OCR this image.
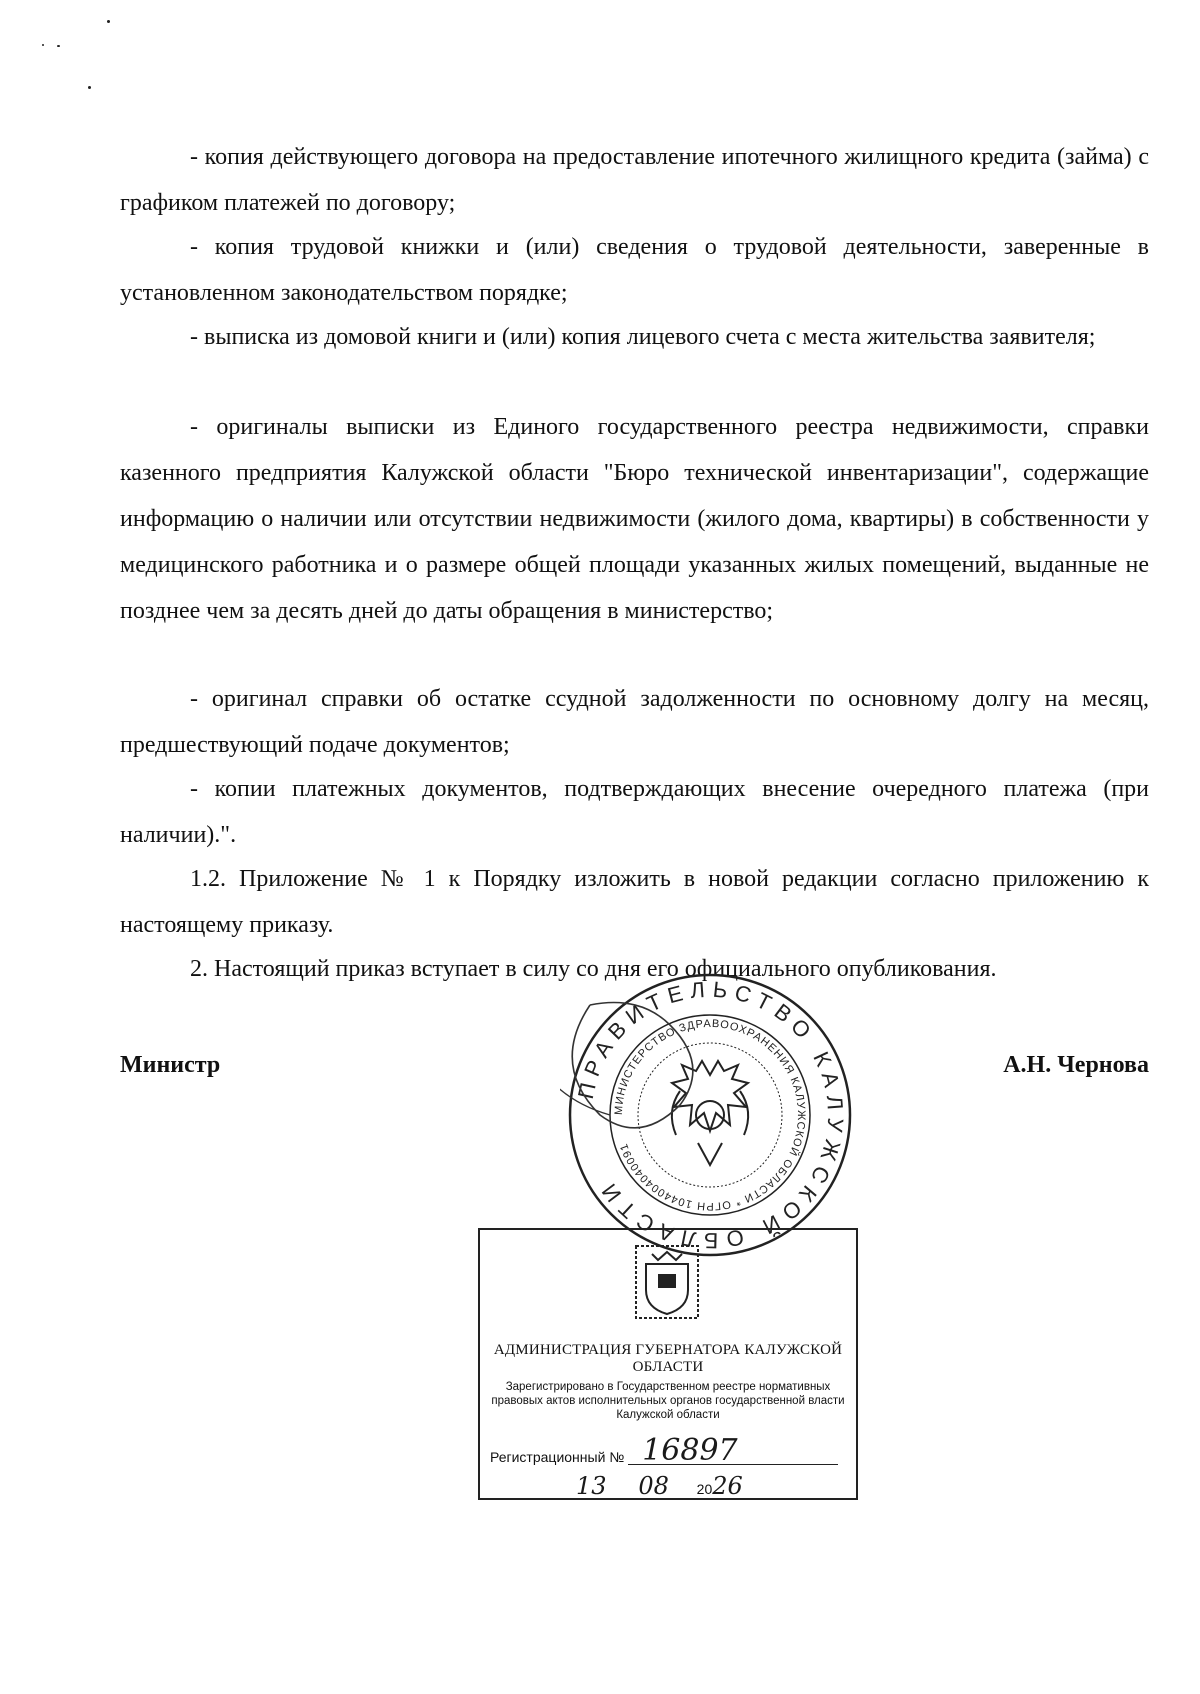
- копия действующего договора на предоставление ипотечного жилищного кредита (займа) с графиком платежей по договору;

- копия трудовой книжки и (или) сведения о трудовой деятельности, заверенные в установленном законодательством порядке;

- выписка из домовой книги и (или) копия лицевого счета с места жительства заявителя;

- оригиналы выписки из Единого государственного реестра недвижимости, справки казенного предприятия Калужской области "Бюро технической инвентаризации", содержащие информацию о наличии или отсутствии недвижимости (жилого дома, квартиры) в собственности у медицинского работника и о размере общей площади указанных жилых помещений, выданные не позднее чем за десять дней до даты обращения в министерство;

- оригинал справки об остатке ссудной задолженности по основному долгу на месяц, предшествующий подаче документов;

- копии платежных документов, подтверждающих внесение очередного платежа (при наличии).".

1.2. Приложение № 1 к Порядку изложить в новой редакции согласно приложению к настоящему приказу.

2. Настоящий приказ вступает в силу со дня его официального опубликования.

Министр	А.Н. Чернова

ПРАВИТЕЛЬСТВО КАЛУЖСКОЙ ОБЛАСТИ
МИНИСТЕРСТВО ЗДРАВООХРАНЕНИЯ КАЛУЖСКОЙ ОБЛАСТИ * ОГРН 1044004040091
АДМИНИСТРАЦИЯ ГУБЕРНАТОРА КАЛУЖСКОЙ ОБЛАСТИ
Зарегистрировано в Государственном реестре нормативных правовых актов исполнительных органов государственной власти Калужской области
Регистрационный № 16897
13 08 2026
